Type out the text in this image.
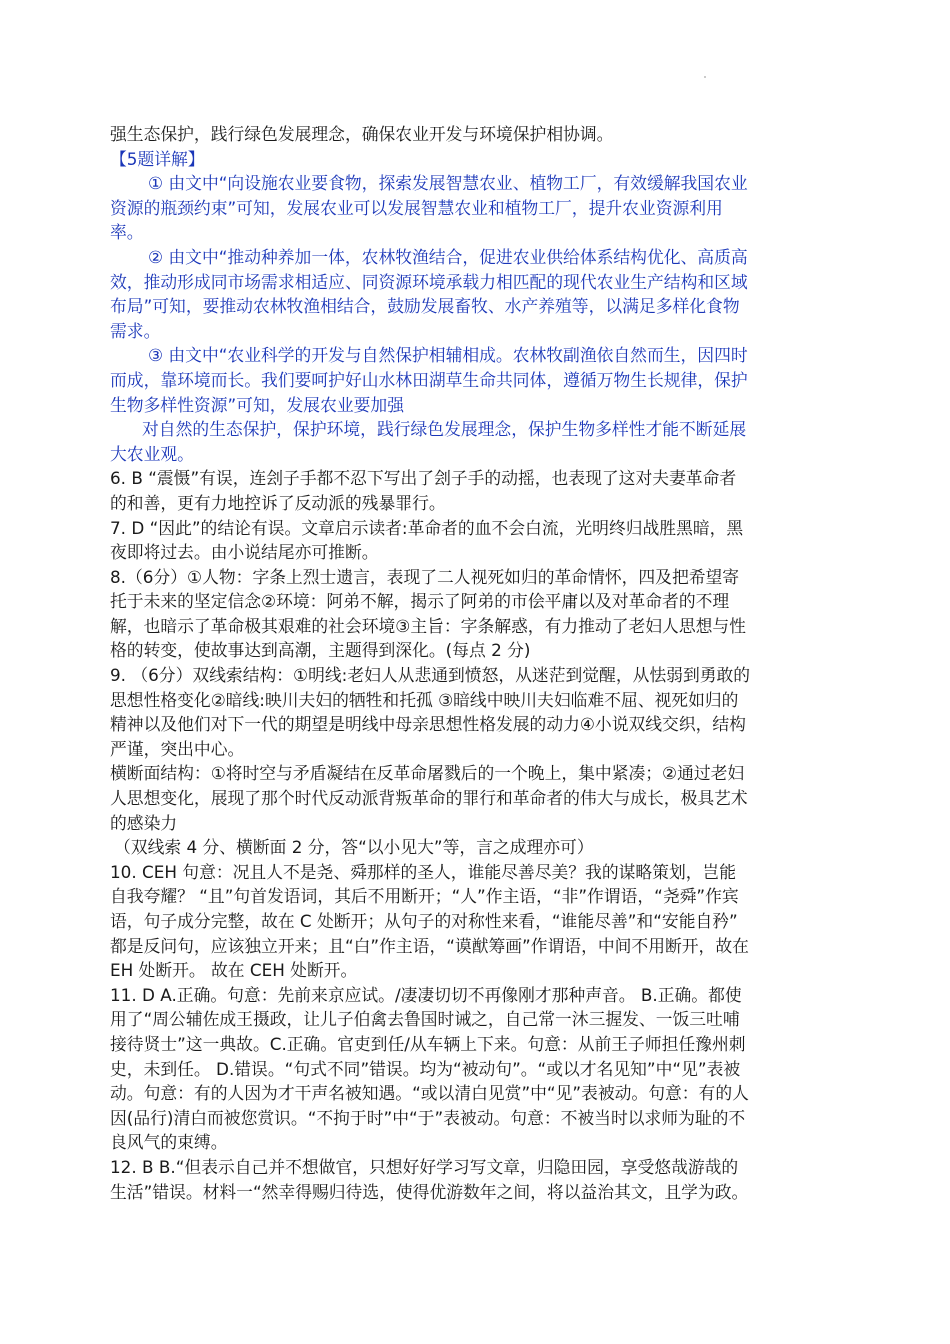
强生态保护，践行绿色发展理念，确保农业开发与环境保护相协调。
【5题详解】
① 由文中“向设施农业要食物，探索发展智慧农业、植物工厂，有效缓解我国农业
资源的瓶颈约束”可知，发展农业可以发展智慧农业和植物工厂，提升农业资源利用
率。
② 由文中“推动种养加一体，农林牧渔结合，促进农业供给体系结构优化、高质高
效，推动形成同市场需求相适应、同资源环境承载力相匹配的现代农业生产结构和区域
布局”可知，要推动农林牧渔相结合，鼓励发展畜牧、水产养殖等，以满足多样化食物
需求。
③ 由文中“农业科学的开发与自然保护相辅相成。农林牧副渔依自然而生，因四时
而成，靠环境而长。我们要呵护好山水林田湖草生命共同体，遵循万物生长规律，保护
生物多样性资源”可知，发展农业要加强
对自然的生态保护，保护环境，践行绿色发展理念，保护生物多样性才能不断延展
大农业观。
6. B “震慑”有误，连刽子手都不忍下写出了刽子手的动摇，也表现了这对夫妻革命者
的和善，更有力地控诉了反动派的残暴罪行。
7. D “因此”的结论有误。文章启示读者:革命者的血不会白流，光明终归战胜黑暗，黑
夜即将过去。由小说结尾亦可推断。
8.（6分）①人物：字条上烈士遗言，表现了二人视死如归的革命情怀，四及把希望寄
托于未来的坚定信念②环境：阿弟不解，揭示了阿弟的市侩平庸以及对革命者的不理
解，也暗示了革命极其艰难的社会环境③主旨：字条解惑，有力推动了老妇人思想与性
格的转变，使故事达到高潮，主题得到深化。(每点 2 分)
9. （6分）双线索结构：①明线:老妇人从悲通到愤怒，从迷茫到觉醒，从怯弱到勇敢的
思想性格变化②暗线:映川夫妇的牺牲和托孤 ③暗线中映川夫妇临难不屈、视死如归的
精神以及他们对下一代的期望是明线中母亲思想性格发展的动力④小说双线交织，结构
严谨，突出中心。
横断面结构：①将时空与矛盾凝结在反革命屠戮后的一个晚上，集中紧凑；②通过老妇
人思想变化，展现了那个时代反动派背叛革命的罪行和革命者的伟大与成长，极具艺术
的感染力
（双线索 4 分、横断面 2 分，答“以小见大”等，言之成理亦可）
10. CEH 句意：况且人不是尧、舜那样的圣人，谁能尽善尽美？我的谋略策划，岂能
自我夸耀？ “且”句首发语词，其后不用断开；“人”作主语，“非”作谓语，“尧舜”作宾
语，句子成分完整，故在 C 处断开；从句子的对称性来看，“谁能尽善”和“安能自矜”
都是反问句，应该独立开来；且“白”作主语，“谟猷筹画”作谓语，中间不用断开，故在
EH 处断开。 故在 CEH 处断开。
11. D A.正确。句意：先前来京应试。/凄凄切切不再像刚才那种声音。 B.正确。都使
用了“周公辅佐成王摄政，让儿子伯禽去鲁国时诫之，自己常一沐三握发、一饭三吐哺
接待贤士”这一典故。C.正确。官吏到任/从车辆上下来。句意：从前王子师担任豫州刺
史，未到任。 D.错误。“句式不同”错误。均为“被动句”。“或以才名见知”中“见”表被
动。句意：有的人因为才干声名被知遇。“或以清白见赏”中“见”表被动。句意：有的人
因(品行)清白而被您赏识。“不拘于时”中“于”表被动。句意：不被当时以求师为耻的不
良风气的束缚。
12. B B.“但表示自己并不想做官，只想好好学习写文章，归隐田园，享受悠哉游哉的
生活”错误。材料一“然幸得赐归待选，使得优游数年之间，将以益治其文，且学为政。
